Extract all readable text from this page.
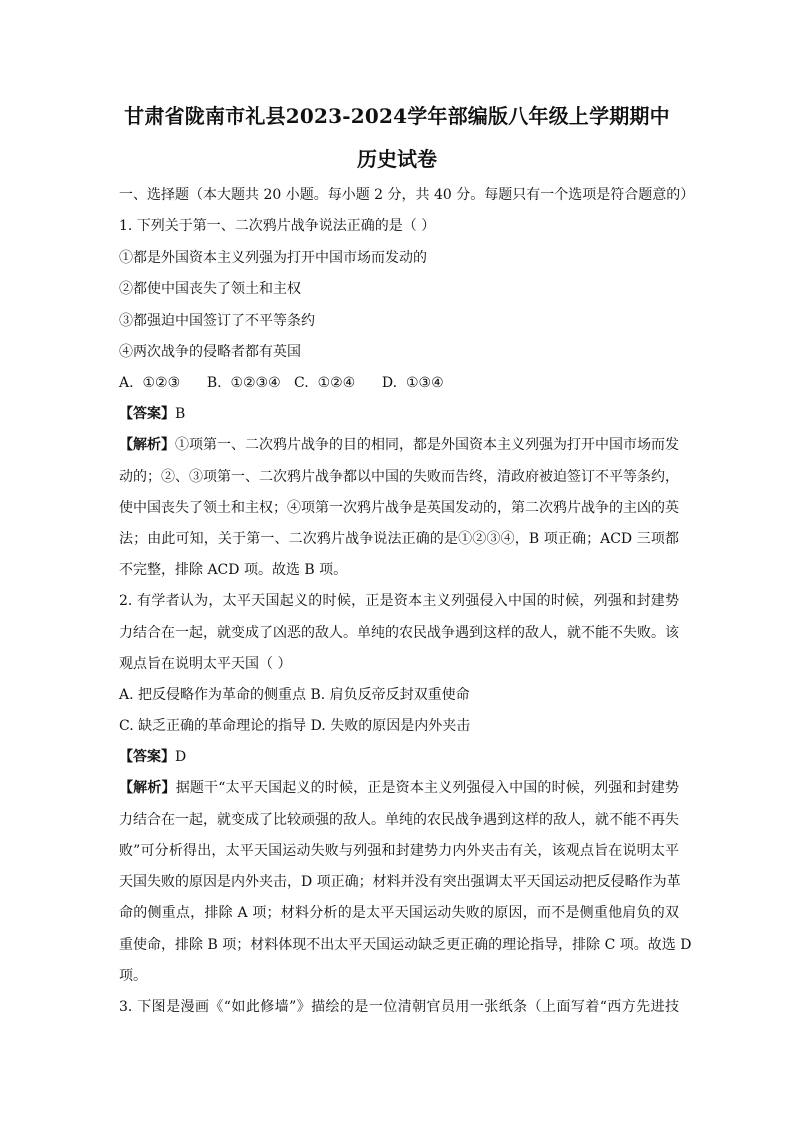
甘肃省陇南市礼县2023-2024学年部编版八年级上学期期中
历史试卷
一、选择题（本大题共 20 小题。每小题 2 分，共 40 分。每题只有一个选项是符合题意的）
1. 下列关于第一、二次鸦片战争说法正确的是（ ）
①都是外国资本主义列强为打开中国市场而发动的
②都使中国丧失了领土和主权
③都强迫中国签订了不平等条约
④两次战争的侵略者都有英国
A.  ①②③      B.  ①②③④   C.  ①②④      D.  ①③④
【答案】B
【解析】①项第一、二次鸦片战争的目的相同，都是外国资本主义列强为打开中国市场而发
动的；②、③项第一、二次鸦片战争都以中国的失败而告终，清政府被迫签订不平等条约，
使中国丧失了领土和主权；④项第一次鸦片战争是英国发动的，第二次鸦片战争的主凶的英
法；由此可知，关于第一、二次鸦片战争说法正确的是①②③④，B 项正确；ACD 三项都
不完整，排除 ACD 项。故选 B 项。
2. 有学者认为，太平天国起义的时候，正是资本主义列强侵入中国的时候，列强和封建势
力结合在一起，就变成了凶恶的敌人。单纯的农民战争遇到这样的敌人，就不能不失败。该
观点旨在说明太平天国（ ）
A. 把反侵略作为革命的侧重点 B. 肩负反帝反封双重使命
C. 缺乏正确的革命理论的指导 D. 失败的原因是内外夹击
【答案】D
【解析】据题干“太平天国起义的时候，正是资本主义列强侵入中国的时候，列强和封建势
力结合在一起，就变成了比较顽强的敌人。单纯的农民战争遇到这样的敌人，就不能不再失
败”可分析得出，太平天国运动失败与列强和封建势力内外夹击有关，该观点旨在说明太平
天国失败的原因是内外夹击，D 项正确；材料并没有突出强调太平天国运动把反侵略作为革
命的侧重点，排除 A 项；材料分析的是太平天国运动失败的原因，而不是侧重他肩负的双
重使命，排除 B 项；材料体现不出太平天国运动缺乏更正确的理论指导，排除 C 项。故选 D
项。
3. 下图是漫画《“如此修墙”》描绘的是一位清朝官员用一张纸条（上面写着“西方先进技
